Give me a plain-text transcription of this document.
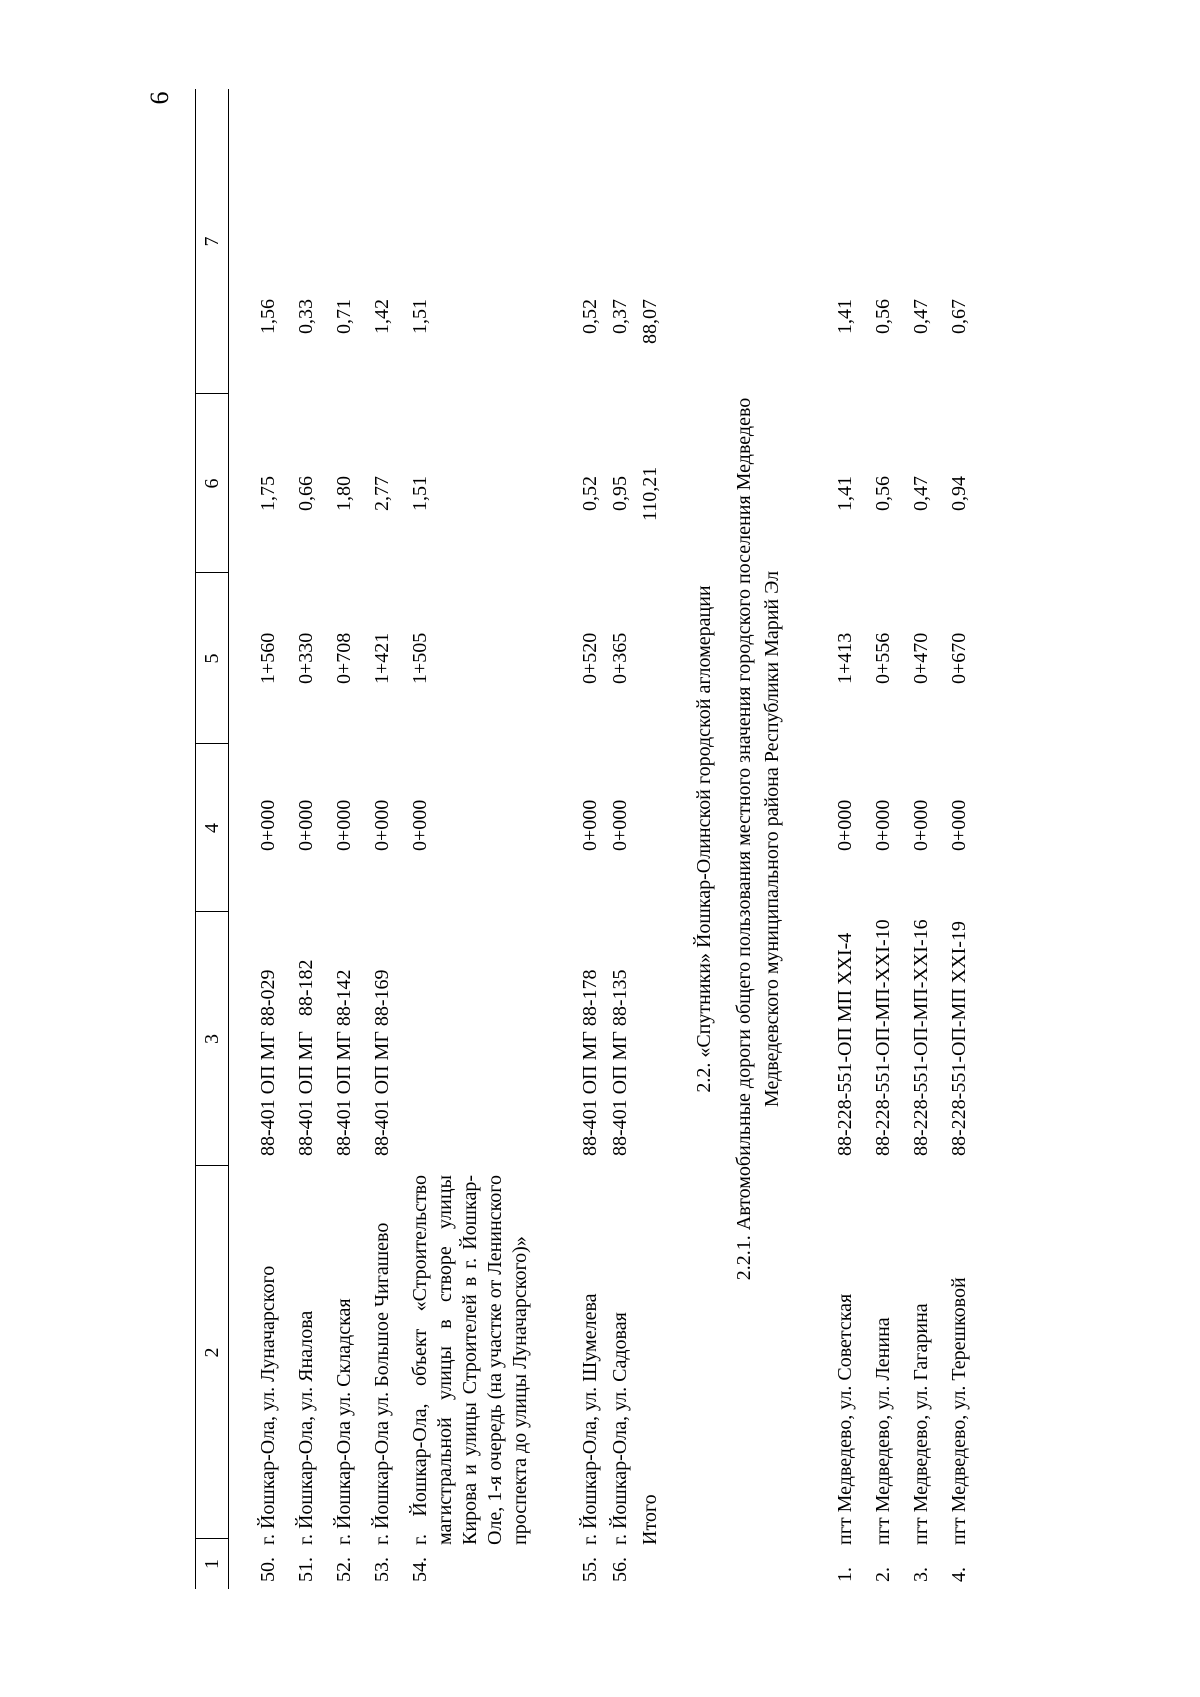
6
1
2
3
4
5
6
7
50.
г. Йошкар-Ола, ул. Луначарского
88-401 ОП МГ 88-029
0+000
1+560
1,75
1,56
51.
г. Йошкар-Ола, ул. Яналова
88-401 ОП МГ   88-182
0+000
0+330
0,66
0,33
52.
г. Йошкар-Ола ул. Складская
88-401 ОП МГ 88-142
0+000
0+708
1,80
0,71
53.
г. Йошкар-Ола ул. Большое Чигашево
88-401 ОП МГ 88-169
0+000
1+421
2,77
1,42
54.
г. Йошкар-Ола, объект «Строительство магистральной улицы в створе улицы Кирова и улицы Строителей в г. Йошкар-Оле, 1-я очередь (на участке от Ленинского проспекта до улицы Луначарского)»
0+000
1+505
1,51
1,51
55.
г. Йошкар-Ола, ул. Шумелева
88-401 ОП МГ 88-178
0+000
0+520
0,52
0,52
56.
г. Йошкар-Ола, ул. Садовая
88-401 ОП МГ 88-135
0+000
0+365
0,95
0,37
Итого
110,21
88,07
2.2. «Спутники» Йошкар-Олинской городской агломерации 2.2.1. Автомобильные дороги общего пользования местного значения городского поселения Медведево Медведевского муниципального района Республики Марий Эл
1.
пгт Медведево, ул. Советская
88-228-551-ОП МП XXI-4
0+000
1+413
1,41
1,41
2.
пгт Медведево, ул. Ленина
88-228-551-ОП-МП-XXI-10
0+000
0+556
0,56
0,56
3.
пгт Медведево, ул. Гагарина
88-228-551-ОП-МП-XXI-16
0+000
0+470
0,47
0,47
4.
пгт Медведево, ул. Терешковой
88-228-551-ОП-МП XXI-19
0+000
0+670
0,94
0,67
